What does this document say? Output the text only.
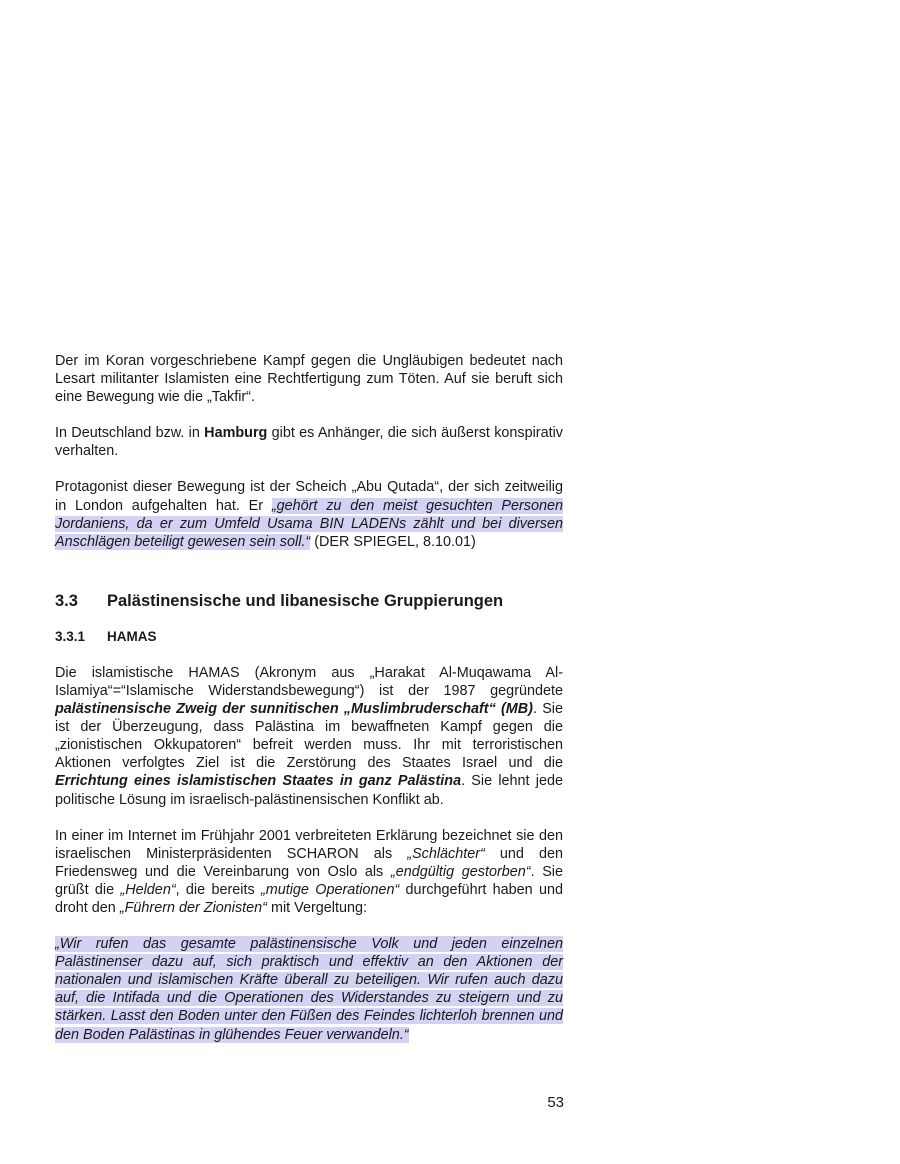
Der im Koran vorgeschriebene Kampf gegen die Ungläubigen bedeutet nach Lesart militanter Islamisten eine Rechtfertigung zum Töten. Auf sie beruft sich eine Bewegung wie die „Takfir“.

In Deutschland bzw. in Hamburg gibt es Anhänger, die sich äußerst konspirativ verhalten.

Protagonist dieser Bewegung ist der Scheich „Abu Qutada“, der sich zeitweilig in London aufgehalten hat. Er „gehört zu den meist gesuchten Personen Jordaniens, da er zum Umfeld Usama BIN LADENs zählt und bei diversen Anschlägen beteiligt gewesen sein soll.“ (DER SPIEGEL, 8.10.01)

3.3	Palästinensische und libanesische Gruppierungen
3.3.1	HAMAS

Die islamistische HAMAS (Akronym aus „Harakat Al-Muqawama Al-Islamiya“=“Islamische Widerstandsbewegung“) ist der 1987 gegründete palästinensische Zweig der sunnitischen „Muslimbruderschaft“ (MB). Sie ist der Überzeugung, dass Palästina im bewaffneten Kampf gegen die „zionistischen Okkupatoren“ befreit werden muss. Ihr mit terroristischen Aktionen verfolgtes Ziel ist die Zerstörung des Staates Israel und die Errichtung eines islamistischen Staates in ganz Palästina. Sie lehnt jede politische Lösung im israelisch-palästinensischen Konflikt ab.

In einer im Internet im Frühjahr 2001 verbreiteten Erklärung bezeichnet sie den israelischen Ministerpräsidenten SCHARON als „Schlächter“ und den Friedensweg und die Vereinbarung von Oslo als „endgültig gestorben“. Sie grüßt die „Helden“, die bereits „mutige Operationen“ durchgeführt haben und droht den „Führern der Zionisten“ mit Vergeltung:

„Wir rufen das gesamte palästinensische Volk und jeden einzelnen Palästinenser dazu auf, sich praktisch und effektiv an den Aktionen der nationalen und islamischen Kräfte überall zu beteiligen. Wir rufen auch dazu auf, die Intifada und die Operationen des Widerstandes zu steigern und zu stärken. Lasst den Boden unter den Füßen des Feindes lichterloh brennen und den Boden Palästinas in glühendes Feuer verwandeln.“

53
